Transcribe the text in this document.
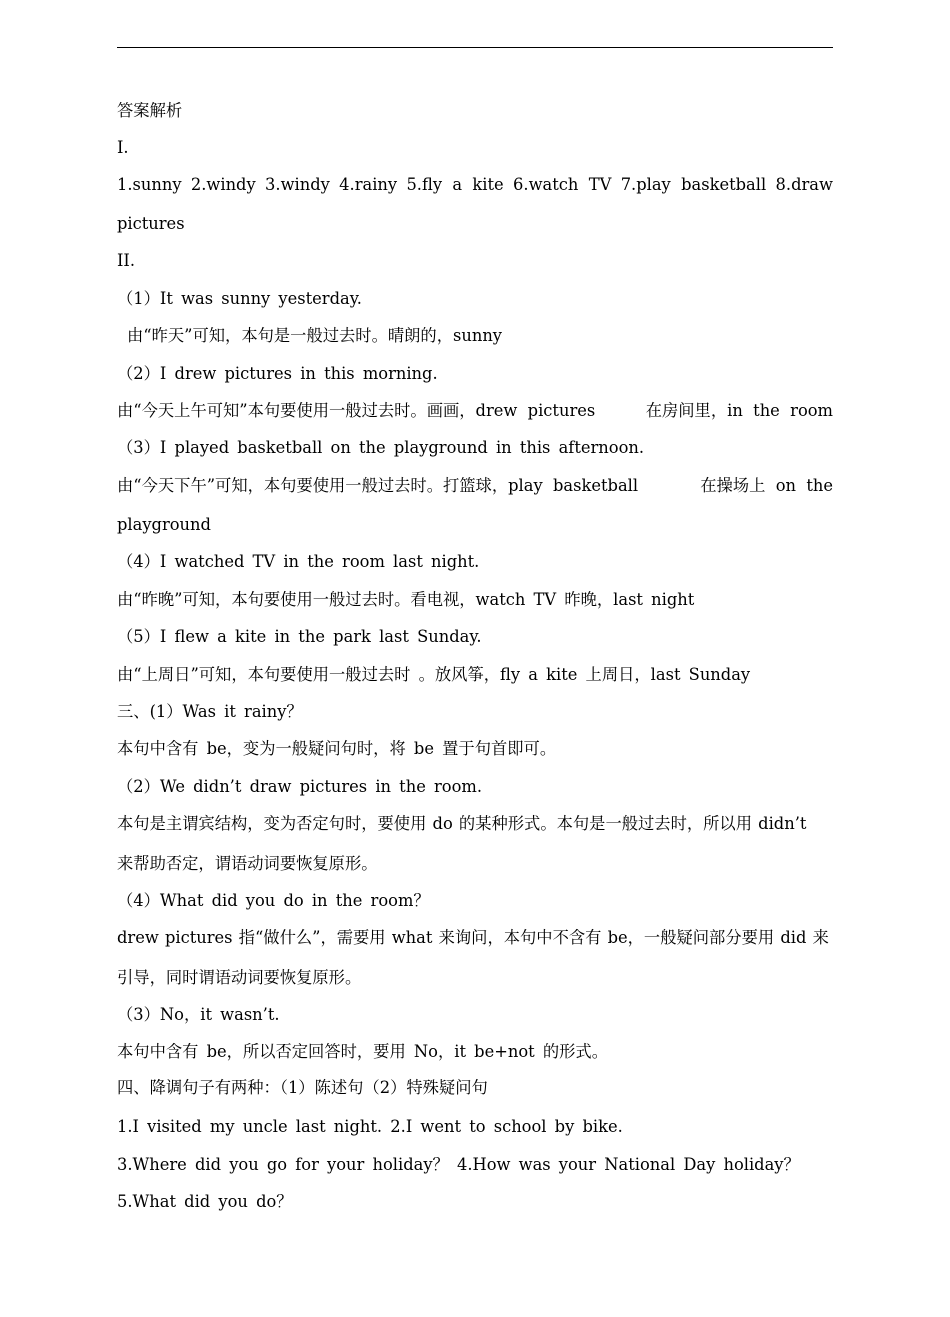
答案解析
I.
1.sunny 2.windy 3.windy 4.rainy 5.fly  a  kite 6.watch  TV 7.play  basketball 8.draw
pictures
II.
（1）It was sunny yesterday.
由“昨天”可知，本句是一般过去时。晴朗的，sunny
（2）I drew pictures in this morning.
由“今天上午可知”本句要使用一般过去时。画画，drew  pictures	在房间里，in  the  room
（3）I played basketball on the playground in this afternoon.
由“今天下午”可知，本句要使用一般过去时。打篮球，play  basketball	在操场上  on  the
playground
（4）I watched TV in the room last night.
由“昨晚”可知，本句要使用一般过去时。看电视，watch TV 昨晚，last night
（5）I flew a kite in the park last Sunday.
由“上周日”可知，本句要使用一般过去时 。放风筝，fly a kite 上周日，last Sunday
三、(1）Was it rainy？
本句中含有 be，变为一般疑问句时，将 be 置于句首即可。
（2）We didn’t draw pictures in the room.
本句是主谓宾结构，变为否定句时，要使用 do 的某种形式。本句是一般过去时，所以用 didn’t
来帮助否定，谓语动词要恢复原形。
（4）What did you do in the room？
drew pictures 指“做什么”，需要用 what 来询问，本句中不含有 be，一般疑问部分要用 did 来
引导，同时谓语动词要恢复原形。
（3）No，it wasn’t.
本句中含有 be，所以否定回答时，要用 No，it be+not 的形式。
四、降调句子有两种：（1）陈述句（2）特殊疑问句
1.I visited my uncle last night. 2.I went to school by bike.
3.Where did you go for your holiday？ 4.How was your National Day holiday？
5.What did you do？
